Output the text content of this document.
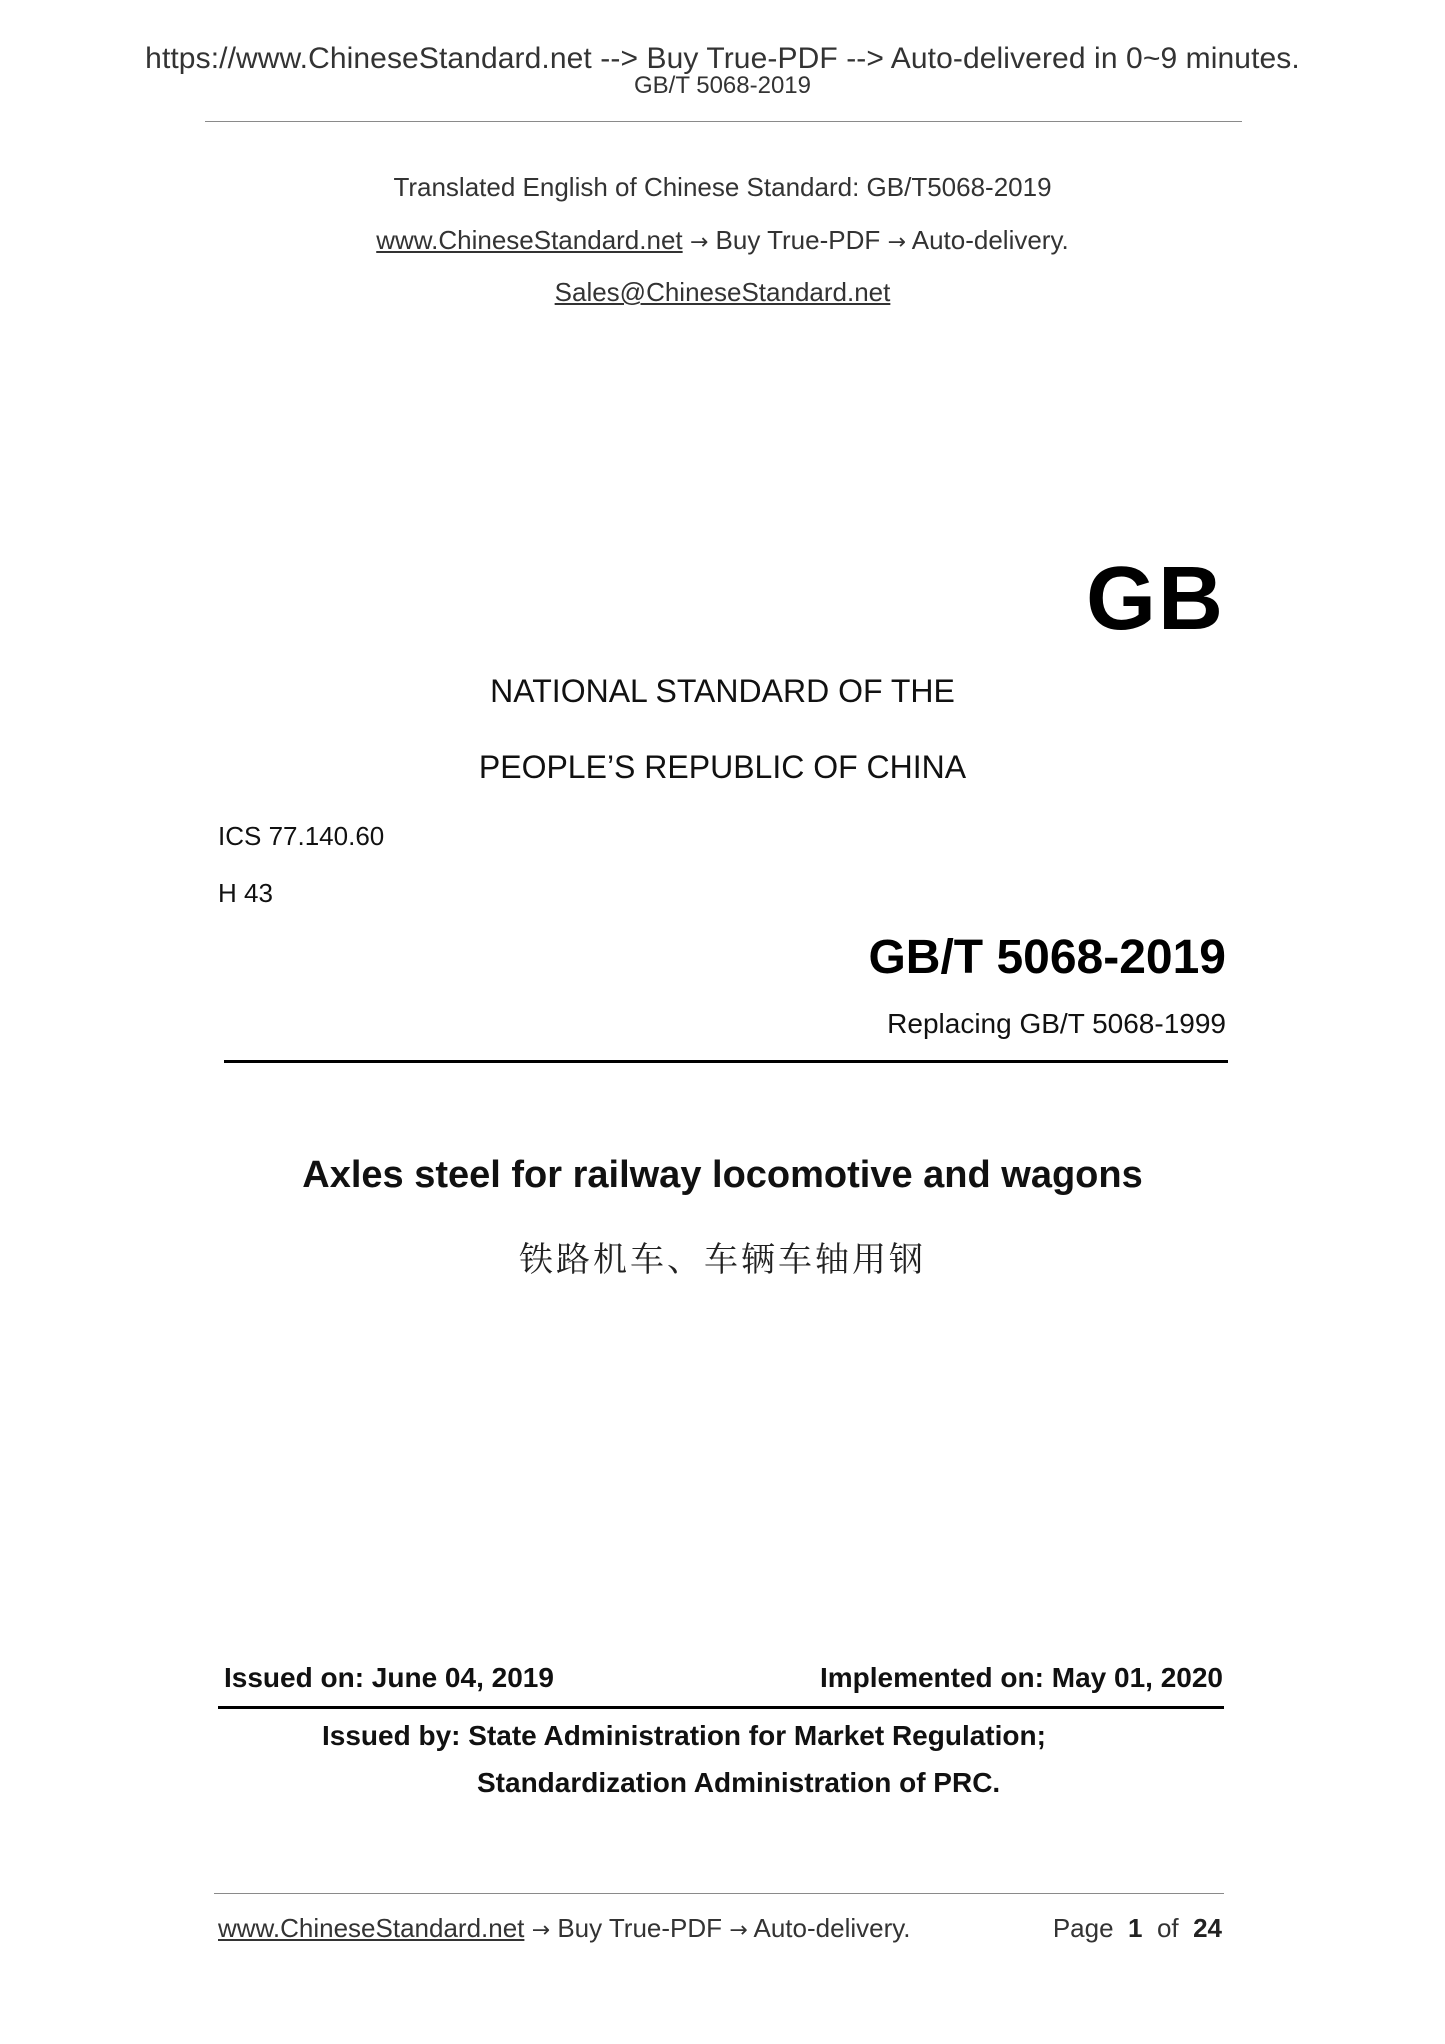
https://www.ChineseStandard.net --> Buy True-PDF --> Auto-delivered in 0~9 minutes.
GB/T 5068-2019
Translated English of Chinese Standard: GB/T5068-2019
www.ChineseStandard.net → Buy True-PDF → Auto-delivery.
Sales@ChineseStandard.net
GB
NATIONAL STANDARD OF THE
PEOPLE’S REPUBLIC OF CHINA
ICS 77.140.60
H 43
GB/T 5068-2019
Replacing GB/T 5068-1999
Axles steel for railway locomotive and wagons
铁路机车、车辆车轴用钢
Issued on: June 04, 2019	Implemented on: May 01, 2020
Issued by: State Administration for Market Regulation;
Standardization Administration of PRC.
www.ChineseStandard.net → Buy True-PDF → Auto-delivery.	Page 1 of 24
